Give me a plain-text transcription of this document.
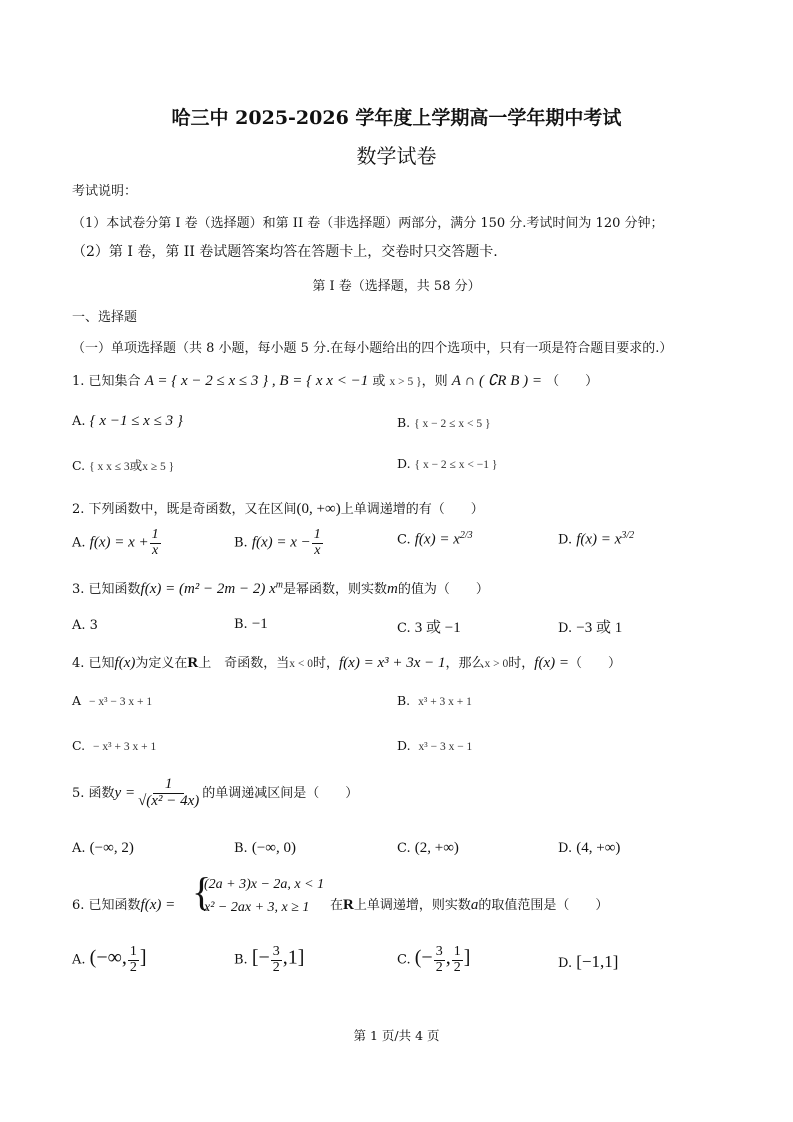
哈三中 2025-2026 学年度上学期高一学年期中考试
数学试卷
考试说明：
（1）本试卷分第 I 卷（选择题）和第 II 卷（非选择题）两部分，满分 150 分.考试时间为 120 分钟；
（2）第 I 卷，第 II 卷试题答案均答在答题卡上，交卷时只交答题卡.
第 I 卷（选择题，共 58 分）
一、选择题
（一）单项选择题（共 8 小题，每小题 5 分.在每小题给出的四个选项中，只有一项是符合题目要求的.）
1. 已知集合 A = { x − 2 ≤ x ≤ 3 } , B = { x x < −1 或 x > 5 }，则 A ∩ ( ∁R B ) = （　　）
A. { x −1 ≤ x ≤ 3 }	B. { x − 2 ≤ x < 5 }
C. { x x ≤ 3或x ≥ 5 }	D. { x − 2 ≤ x < −1 }
2. 下列函数中，既是奇函数，又在区间(0, +∞)上单调递增的有（　　）
A. $f(x) = x + \frac{1}{x}$	B. $f(x) = x - \frac{1}{x}$	C. $f(x) = x^{2/3}$	D. $f(x) = x^{3/2}$
3. 已知函数f(x) = (m² − 2m − 2) $x^m$是幂函数，则实数m的值为（　　）
A. 3	B. −1	C. 3 或 −1	D. −3 或 1
4. 已知f(x)为定义在R上　奇函数，当x < 0时，f(x) = x³ + 3x − 1，那么x > 0时，f(x) =（　　）
A − x³ − 3 x + 1	B. x³ + 3 x + 1
C. − x³ + 3 x + 1	D. x³ − 3 x − 1
5. 函数$y = \frac{1}{\text{√(x² − 4x)}}$ 的单调递减区间是（　　）
A. (−∞, 2)	B. (−∞, 0)	C. (2, +∞)	D. (4, +∞)
6. 已知函数f(x) = {
(2a + 3)x − 2a, x < 1
x² − 2ax + 3, x ≥ 1 在R上单调递增，则实数a的取值范围是（　　）
A. (−∞, $\frac{1}{2}$ ]	B. [− $\frac{3}{2} ,1$]	C. (− $\frac{3}{2}$ , $\frac{1}{2}$ ]	D. [−1,1]
第 1 页/共 4 页
